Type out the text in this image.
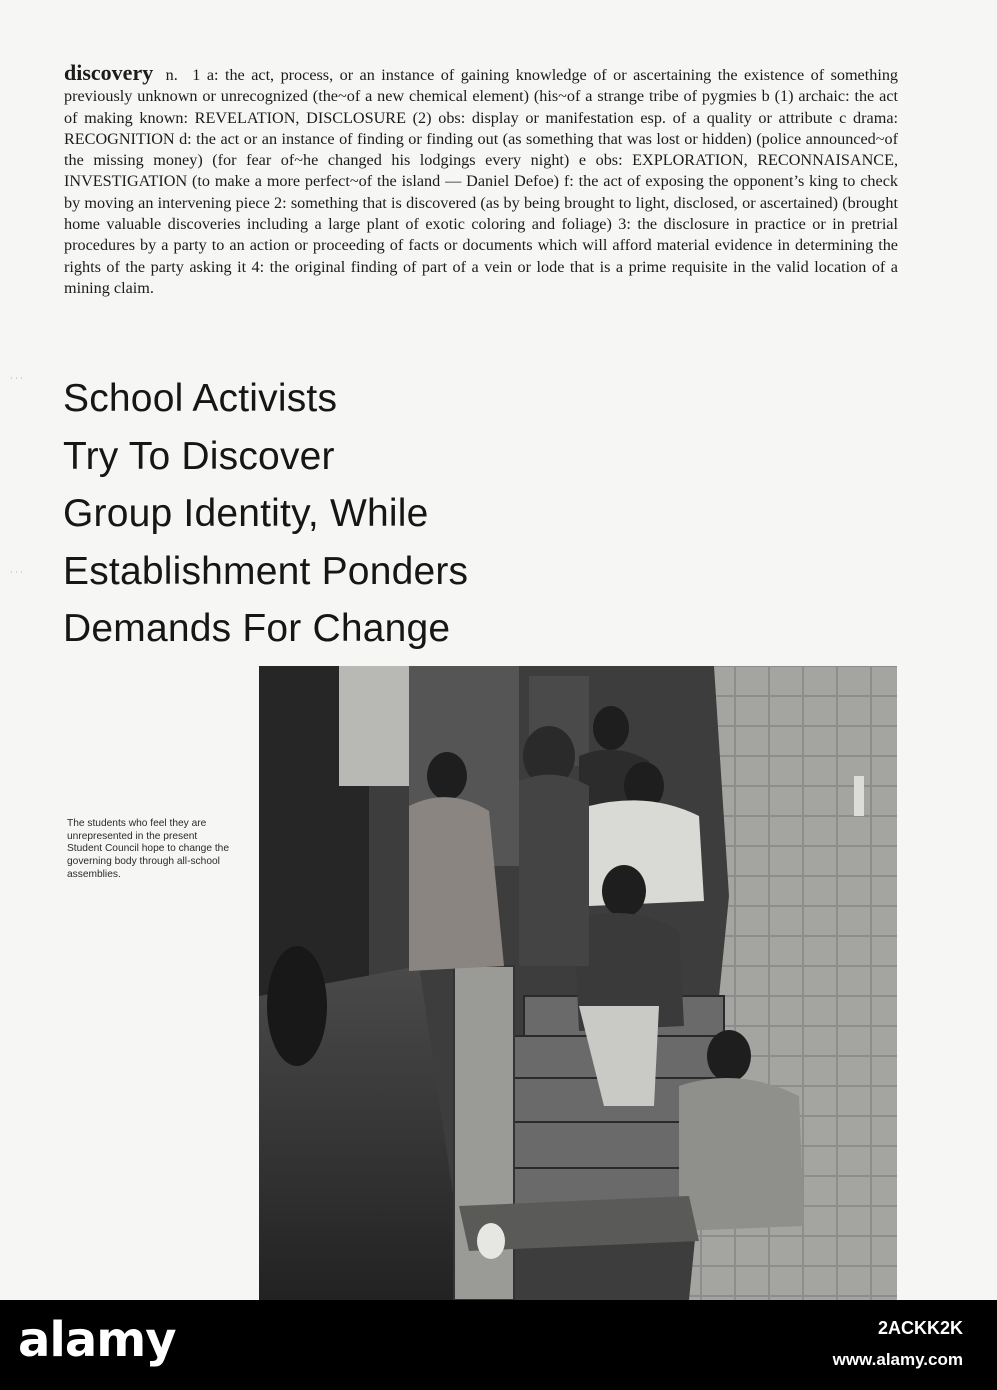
discovery n. 1 a: the act, process, or an instance of gaining knowledge of or ascertaining the existence of something previously unknown or unrecognized (the~of a new chemical element) (his~of a strange tribe of pygmies b (1) archaic: the act of making known: REVELATION, DISCLOSURE (2) obs: display or manifestation esp. of a quality or attribute c drama: RECOGNITION d: the act or an instance of finding or finding out (as something that was lost or hidden) (police announced~of the missing money) (for fear of~he changed his lodgings every night) e obs: EXPLORATION, RECONNAISANCE, INVESTIGATION (to make a more perfect~of the island — Daniel Defoe) f: the act of exposing the opponent’s king to check by moving an intervening piece 2: something that is discovered (as by being brought to light, disclosed, or ascertained) (brought home valuable discoveries including a large plant of exotic coloring and foliage) 3: the disclosure in practice or in pretrial procedures by a party to an action or proceeding of facts or documents which will afford material evidence in determining the rights of the party asking it 4: the original finding of part of a vein or lode that is a prime requisite in the valid location of a mining claim.
· · ·
· · ·
School Activists
Try To Discover
Group Identity, While
Establishment Ponders
Demands For Change
The students who feel they are unrepresented in the present Student Council hope to change the governing body through all-school assemblies.
alamy	2ACKK2K
www.alamy.com
